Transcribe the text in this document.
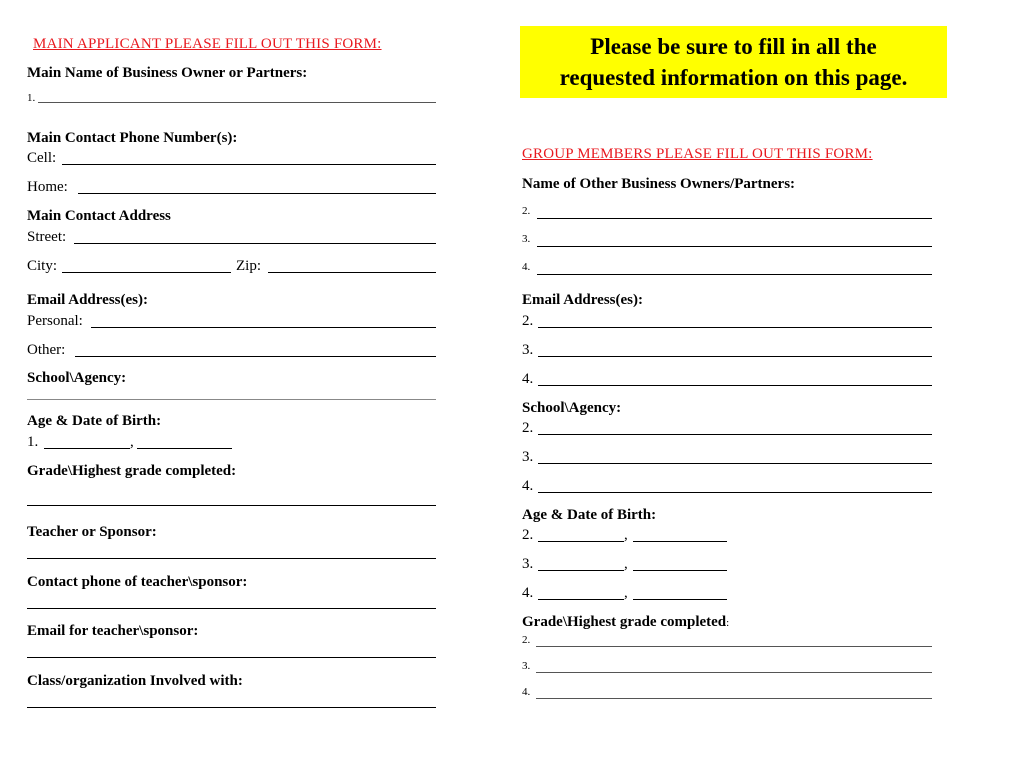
MAIN APPLICANT PLEASE FILL OUT THIS FORM:
Main Name of Business Owner or Partners:
1.
Main Contact Phone Number(s):
Cell:
Home:
Main Contact Address
Street:
City:	Zip:
Email Address(es):
Personal:
Other:
School\Agency:
Age & Date of Birth:
1.	,
Grade\Highest grade completed:
Teacher or Sponsor:
Contact phone of teacher\sponsor:
Email for teacher\sponsor:
Class/organization Involved with:
Please be sure to fill in all the
requested information on this page.
GROUP MEMBERS PLEASE FILL OUT THIS FORM:
Name of Other Business Owners/Partners:
2.
3.
4.
Email Address(es):
2.
3.
4.
School\Agency:
2.
3.
4.
Age & Date of Birth:
2.	,
3.	,
4.	,
Grade\Highest grade completed:
2.
3.
4.
